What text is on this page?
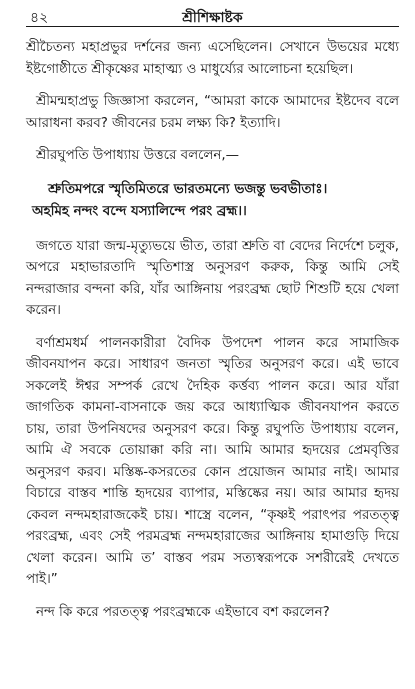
৪২	শ্রীশিক্ষাষ্টক

শ্রীচৈতন্য মহাপ্রভুর দর্শনের জন্য এসেছিলেন। সেখানে উভয়ের মধ্যে ইষ্টগোষ্ঠীতে শ্রীকৃষ্ণের মাহাত্ম্য ও মাধুর্য্যের আলোচনা হয়েছিল।

শ্রীমন্মহাপ্রভু জিজ্ঞাসা করলেন, “আমরা কাকে আমাদের ইষ্টদেব বলে আরাধনা করব? জীবনের চরম লক্ষ্য কি? ইত্যাদি।

শ্রীরঘুপতি উপাধ্যায় উত্তরে বললেন,—

শ্রুতিমপরে স্মৃতিমিতরে ভারতমন্যে ভজন্তু ভবভীতাঃ।
অহমিহ নন্দং বন্দে যস্যালিন্দে পরং ব্রহ্ম।।

জগতে যারা জন্ম-মৃত্যুভয়ে ভীত, তারা শ্রুতি বা বেদের নির্দেশে চলুক, অপরে মহাভারতাদি স্মৃতিশাস্ত্র অনুসরণ করুক, কিন্তু আমি সেই নন্দরাজার বন্দনা করি, যাঁর আঙ্গিনায় পরংব্রহ্ম ছোট শিশুটি হয়ে খেলা করেন।

বর্ণাশ্রমধর্ম পালনকারীরা বৈদিক উপদেশ পালন করে সামাজিক জীবনযাপন করে। সাধারণ জনতা স্মৃতির অনুসরণ করে। এই ভাবে সকলেই ঈশ্বর সম্পর্ক রেখে দৈহিক কর্ত্তব্য পালন করে। আর যাঁরা জাগতিক কামনা-বাসনাকে জয় করে আধ্যাত্মিক জীবনযাপন করতে চায়, তারা উপনিষদের অনুসরণ করে। কিন্তু রঘুপতি উপাধ্যায় বলেন, আমি ঐ সবকে তোয়াক্কা করি না। আমি আমার হৃদয়ের প্রেমবৃত্তির অনুসরণ করব। মস্তিষ্ক-কসরতের কোন প্রয়োজন আমার নাই। আমার বিচারে বাস্তব শান্তি হৃদয়ের ব্যাপার, মস্তিষ্কের নয়। আর আমার হৃদয় কেবল নন্দমহারাজকেই চায়। শাস্ত্রে বলেন, “কৃষ্ণই পরাৎপর পরতত্ত্ব পরংব্রহ্ম, এবং সেই পরমব্রহ্ম নন্দমহারাজের আঙ্গিনায় হামাগুড়ি দিয়ে খেলা করেন। আমি ত’ বাস্তব পরম সত্যস্বরূপকে সশরীরেই দেখতে পাই।”

নন্দ কি করে পরতত্ত্ব পরংব্রহ্মকে এইভাবে বশ করলেন?
